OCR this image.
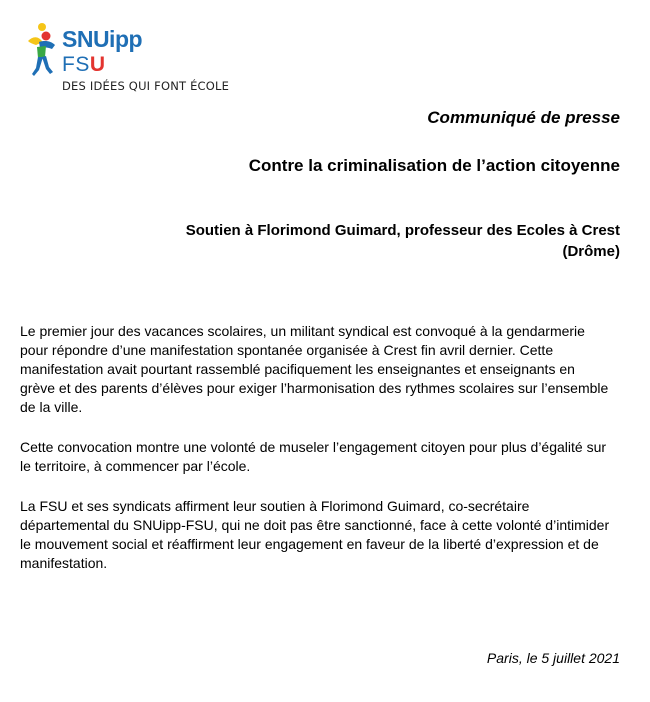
SNUipp
FSU
DES IDÉES QUI FONT ÉCOLE
Communiqué de presse
Contre la criminalisation de l’action citoyenne
Soutien à Florimond Guimard, professeur des Ecoles à Crest
(Drôme)

Le premier jour des vacances scolaires, un militant syndical est convoqué à la gendarmerie pour répondre d’une manifestation spontanée organisée à Crest fin avril dernier. Cette manifestation avait pourtant rassemblé pacifiquement les enseignantes et enseignants en grève et des parents d’élèves pour exiger l’harmonisation des rythmes scolaires sur l’ensemble de la ville.

Cette convocation montre une volonté de museler l’engagement citoyen pour plus d’égalité sur le territoire, à commencer par l’école.

La FSU et ses syndicats affirment leur soutien à Florimond Guimard, co-secrétaire départemental du SNUipp-FSU, qui ne doit pas être sanctionné, face à cette volonté d’intimider le mouvement social et réaffirment leur engagement en faveur de la liberté d’expression et de manifestation.

Paris, le 5 juillet 2021
